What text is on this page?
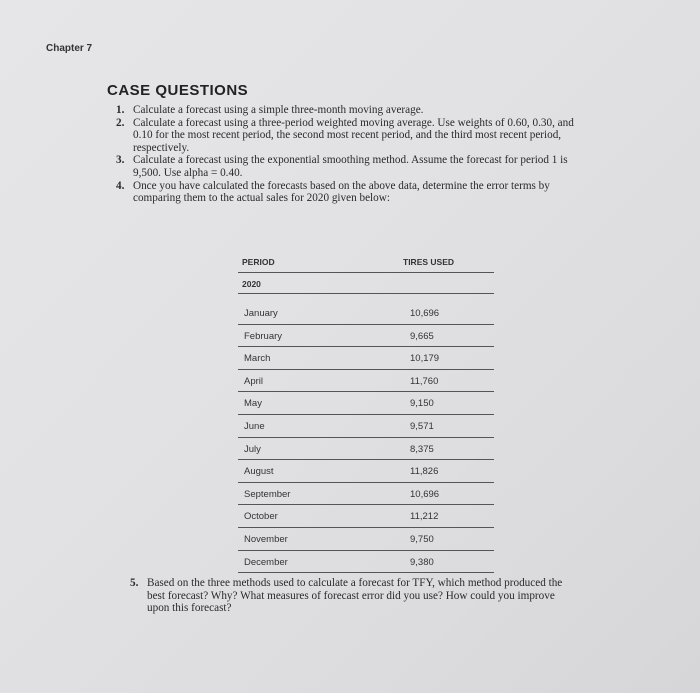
Chapter 7
CASE QUESTIONS
1. Calculate a forecast using a simple three-month moving average.
2. Calculate a forecast using a three-period weighted moving average. Use weights of 0.60, 0.30, and 0.10 for the most recent period, the second most recent period, and the third most recent period, respectively.
3. Calculate a forecast using the exponential smoothing method. Assume the forecast for period 1 is 9,500. Use alpha = 0.40.
4. Once you have calculated the forecasts based on the above data, determine the error terms by comparing them to the actual sales for 2020 given below:
PERIOD	TIRES USED
2020
January	10,696
February	9,665
March	10,179
April	11,760
May	9,150
June	9,571
July	8,375
August	11,826
September	10,696
October	11,212
November	9,750
December	9,380
5. Based on the three methods used to calculate a forecast for TFY, which method produced the best forecast? Why? What measures of forecast error did you use? How could you improve upon this forecast?
